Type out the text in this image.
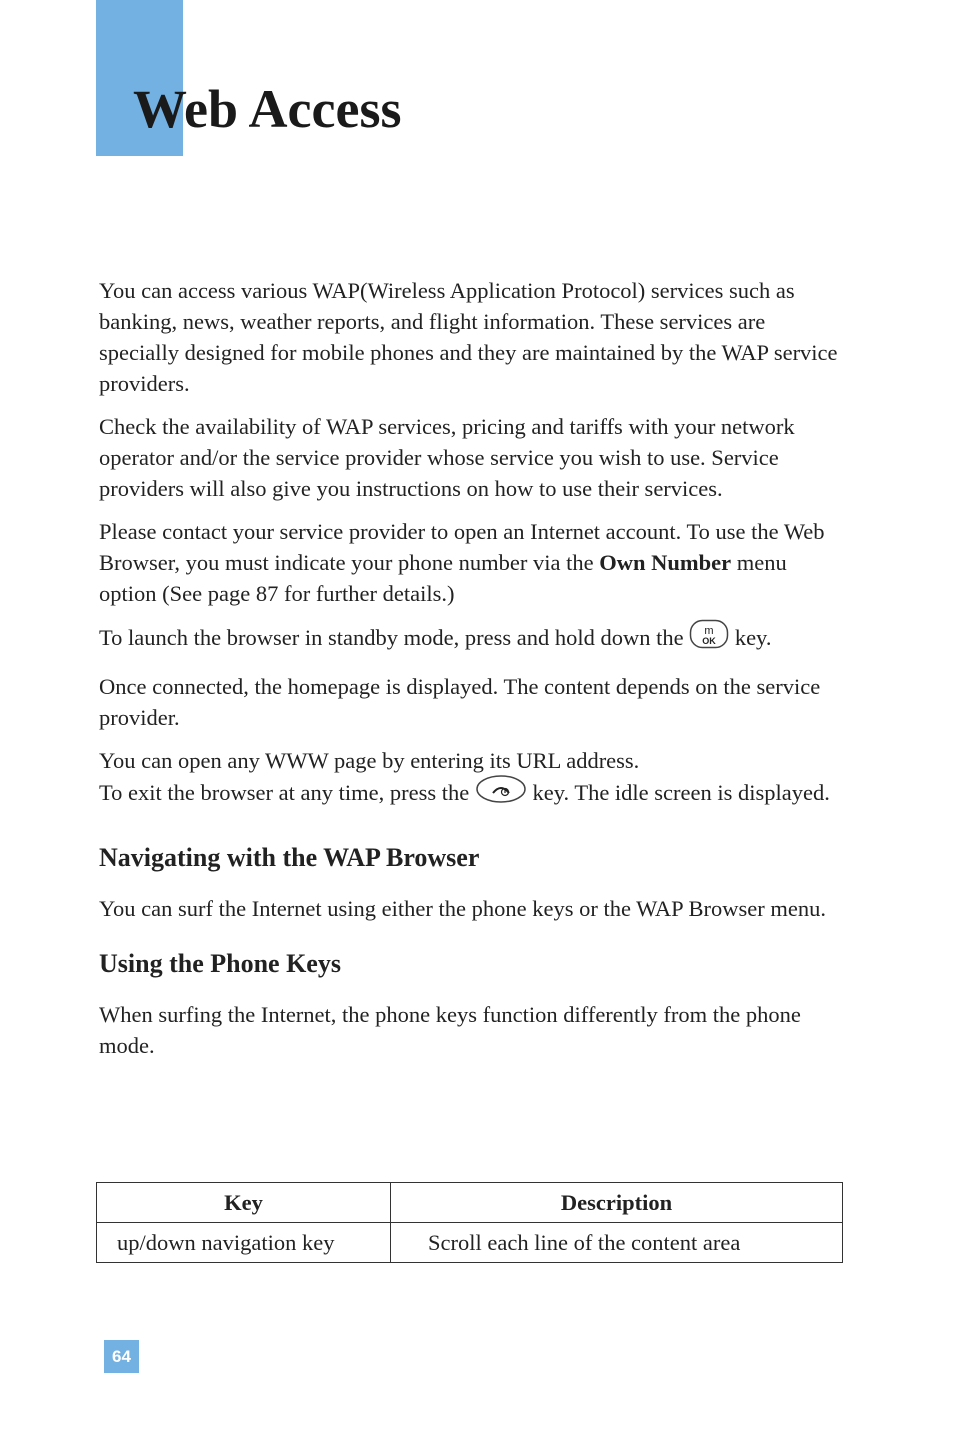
Web Access

You can access various WAP(Wireless Application Protocol) services such as banking, news, weather reports, and flight information. These services are specially designed for mobile phones and they are maintained by the WAP service providers.

Check the availability of WAP services, pricing and tariffs with your network operator and/or the service provider whose service you wish to use. Service providers will also give you instructions on how to use their services.

Please contact your service provider to open an Internet account. To use the Web Browser, you must indicate your phone number via the Own Number menu option (See page 87 for further details.)

To launch the browser in standby mode, press and hold down the m
OK key.

Once connected, the homepage is displayed. The content depends on the service provider.

You can open any WWW page by entering its URL address.
To exit the browser at any time, press the  key. The idle screen is displayed.

Navigating with the WAP Browser

You can surf the Internet using either the phone keys or the WAP Browser menu.

Using the Phone Keys

When surfing the Internet, the phone keys function differently from the phone mode.

Key	Description
up/down navigation key	Scroll each line of the content area
64
